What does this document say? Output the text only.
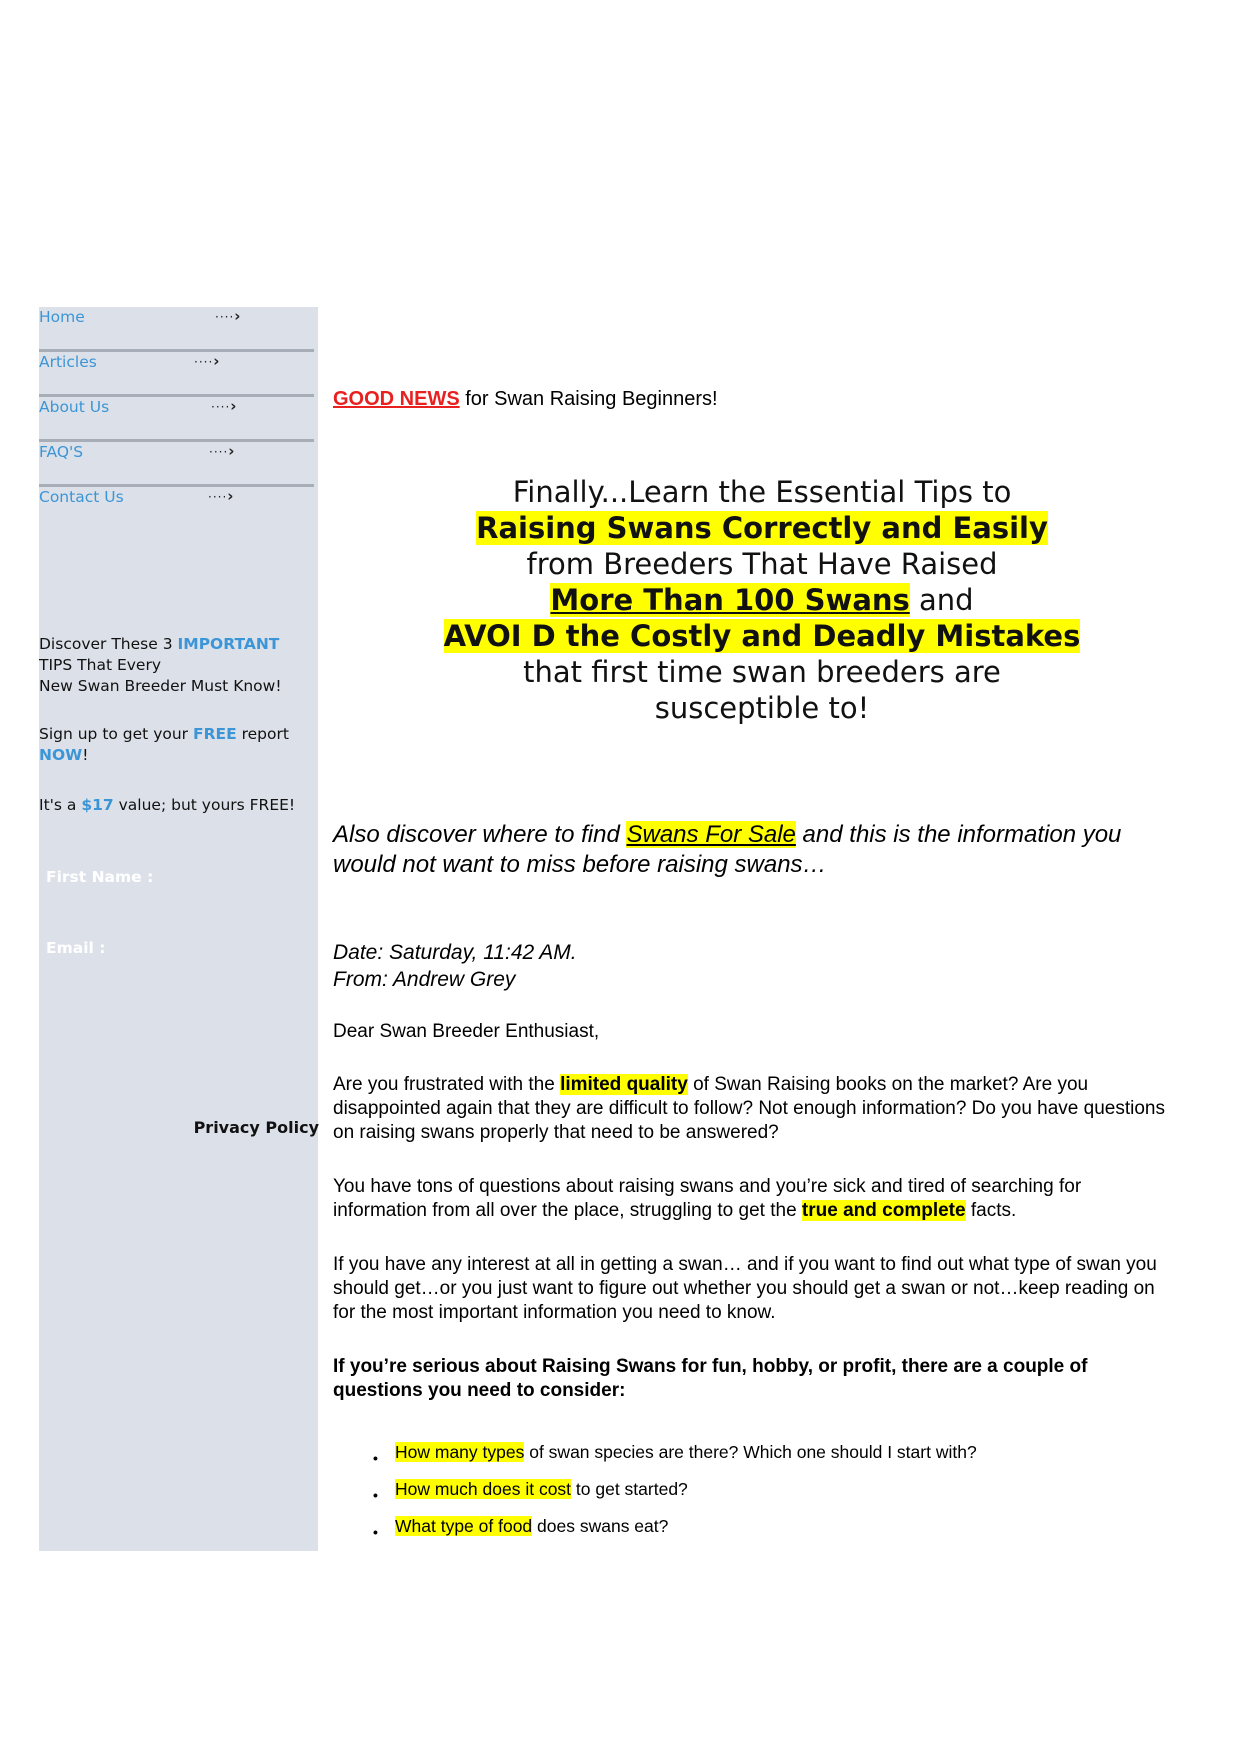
Home	····›
Articles	····›
About Us	····›
FAQ'S	····›
Contact Us	····›
Discover These 3 IMPORTANT
TIPS That Every
New Swan Breeder Must Know!
Sign up to get your FREE report
NOW!
It's a $17 value; but yours FREE!
First Name :
Email :
Privacy Policy
GOOD NEWS for Swan Raising Beginners!
Finally...Learn the Essential Tips to
Raising Swans Correctly and Easily
from Breeders That Have Raised
More Than 100 Swans and
AVOI D the Costly and Deadly Mistakes
that first time swan breeders are
susceptible to!
Also discover where to find Swans For Sale and this is the information you would not want to miss before raising swans…
Date: Saturday, 11:42 AM.
From: Andrew Grey
Dear Swan Breeder Enthusiast,
Are you frustrated with the limited quality of Swan Raising books on the market? Are you disappointed again that they are difficult to follow? Not enough information? Do you have questions on raising swans properly that need to be answered?
You have tons of questions about raising swans and you’re sick and tired of searching for information from all over the place, struggling to get the true and complete facts.
If you have any interest at all in getting a swan… and if you want to find out what type of swan you should get…or you just want to figure out whether you should get a swan or not…keep reading on for the most important information you need to know.
If you’re serious about Raising Swans for fun, hobby, or profit, there are a couple of questions you need to consider:
• How many types of swan species are there? Which one should I start with?
• How much does it cost to get started?
• What type of food does swans eat?
